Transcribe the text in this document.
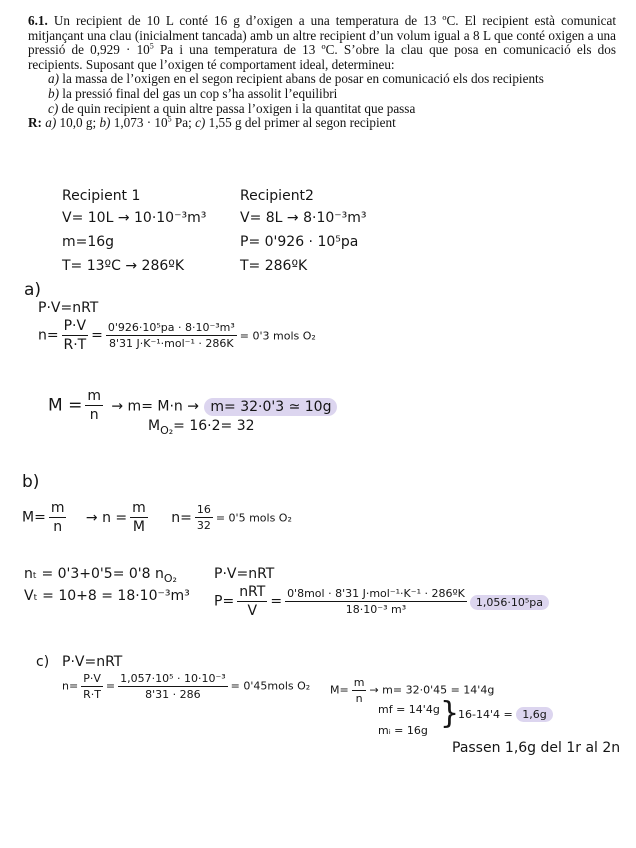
6.1. Un recipient de 10 L conté 16 g d’oxigen a una temperatura de 13 ºC. El recipient està comunicat mitjançant una clau (inicialment tancada) amb un altre recipient d’un volum igual a 8 L que conté oxigen a una pressió de $0,929 \cdot 10^5$ Pa i una temperatura de 13 ºC. S’obre la clau que posa en comunicació els dos recipients. Suposant que l’oxigen té comportament ideal, determineu:

a) la massa de l’oxigen en el segon recipient abans de posar en comunicació els dos recipients

b) la pressió final del gas un cop s’ha assolit l’equilibri

c) de quin recipient a quin altre passa l’oxigen i la quantitat que passa

R: a) 10,0 g; b) $1,073 \cdot 10^5$ Pa; c) 1,55 g del primer al segon recipient

Recipient 1
V= 10L → 10·10⁻³m³
m=16g
T= 13ºC → 286ºK
Recipient2
V= 8L → 8·10⁻³m³
P= 0'926 · 10⁵pa
T= 286ºK
a)
P·V=nRT
$n= \frac{P\cdot V}{R\cdot T} = \frac{\text{0'926·10⁵pa · 8·10⁻³m³}}{\text{8'31 J·K⁻¹·mol⁻¹ · 286K}} = 0'3$ mols O₂
$M = \frac{m}{n} \to m= M\cdot n \to m= 32\cdot 0'3$ ≃ 10g
$M_{O_2}= 16\cdot 2= 32$
b)
$M= \frac{m}{n} \to n = \frac{m}{M} n= \frac{16}{32} = 0'5$ mols O₂
nₜ = 0'3+0'5= 0'8 $n_{O_2}$
Vₜ = 10+8 = 18·10⁻³m³
P·V=nRT
$P= \frac{\text{nRT}}{V} = \frac{\text{0'8mol · 8'31 J·mol⁻¹·K⁻¹ · 286ºK}}{\text{18·10⁻³ m³}} 1,056\cdot 10^5pa$
c) P·V=nRT
$n= \frac{P\cdot V}{R\cdot T} = \frac{\text{1,057·10⁵ · 10·10⁻³}}{8'31 \cdot 286}$ = 0'45mols O₂ $M= \frac{m}{n} \to m= 32\cdot 0'45 = 14'4g$
mf = 14'4g
mᵢ = 16g }
16-14'4 = 1,6g
Passen 1,6g del 1r al 2n
